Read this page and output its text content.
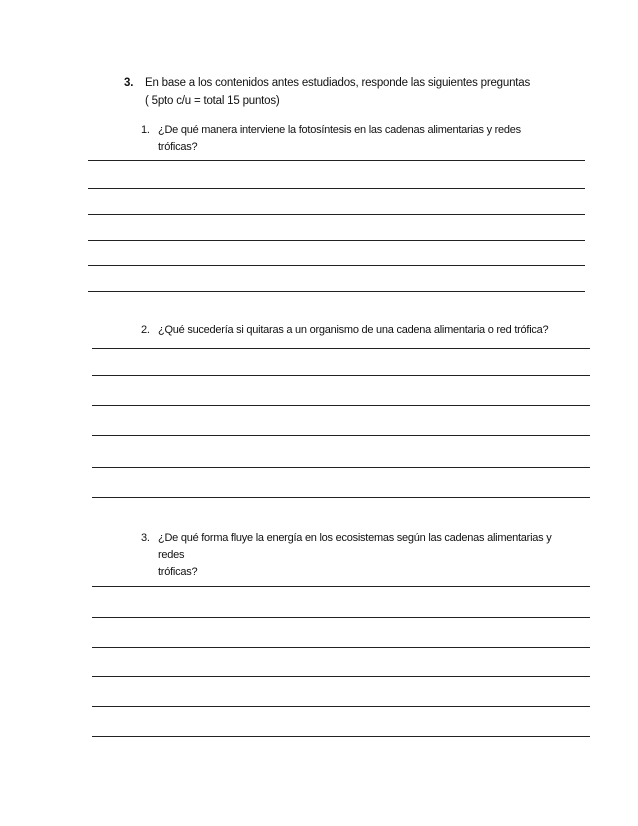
3. En base a los contenidos antes estudiados, responde las siguientes preguntas
( 5pto c/u = total 15 puntos)
1. ¿De qué manera interviene la fotosíntesis en las cadenas alimentarias y redes
tróficas?
2. ¿Qué sucedería si quitaras a un organismo de una cadena alimentaria o red trófica?
3. ¿De qué forma fluye la energía en los ecosistemas según las cadenas alimentarias y redes
tróficas?
